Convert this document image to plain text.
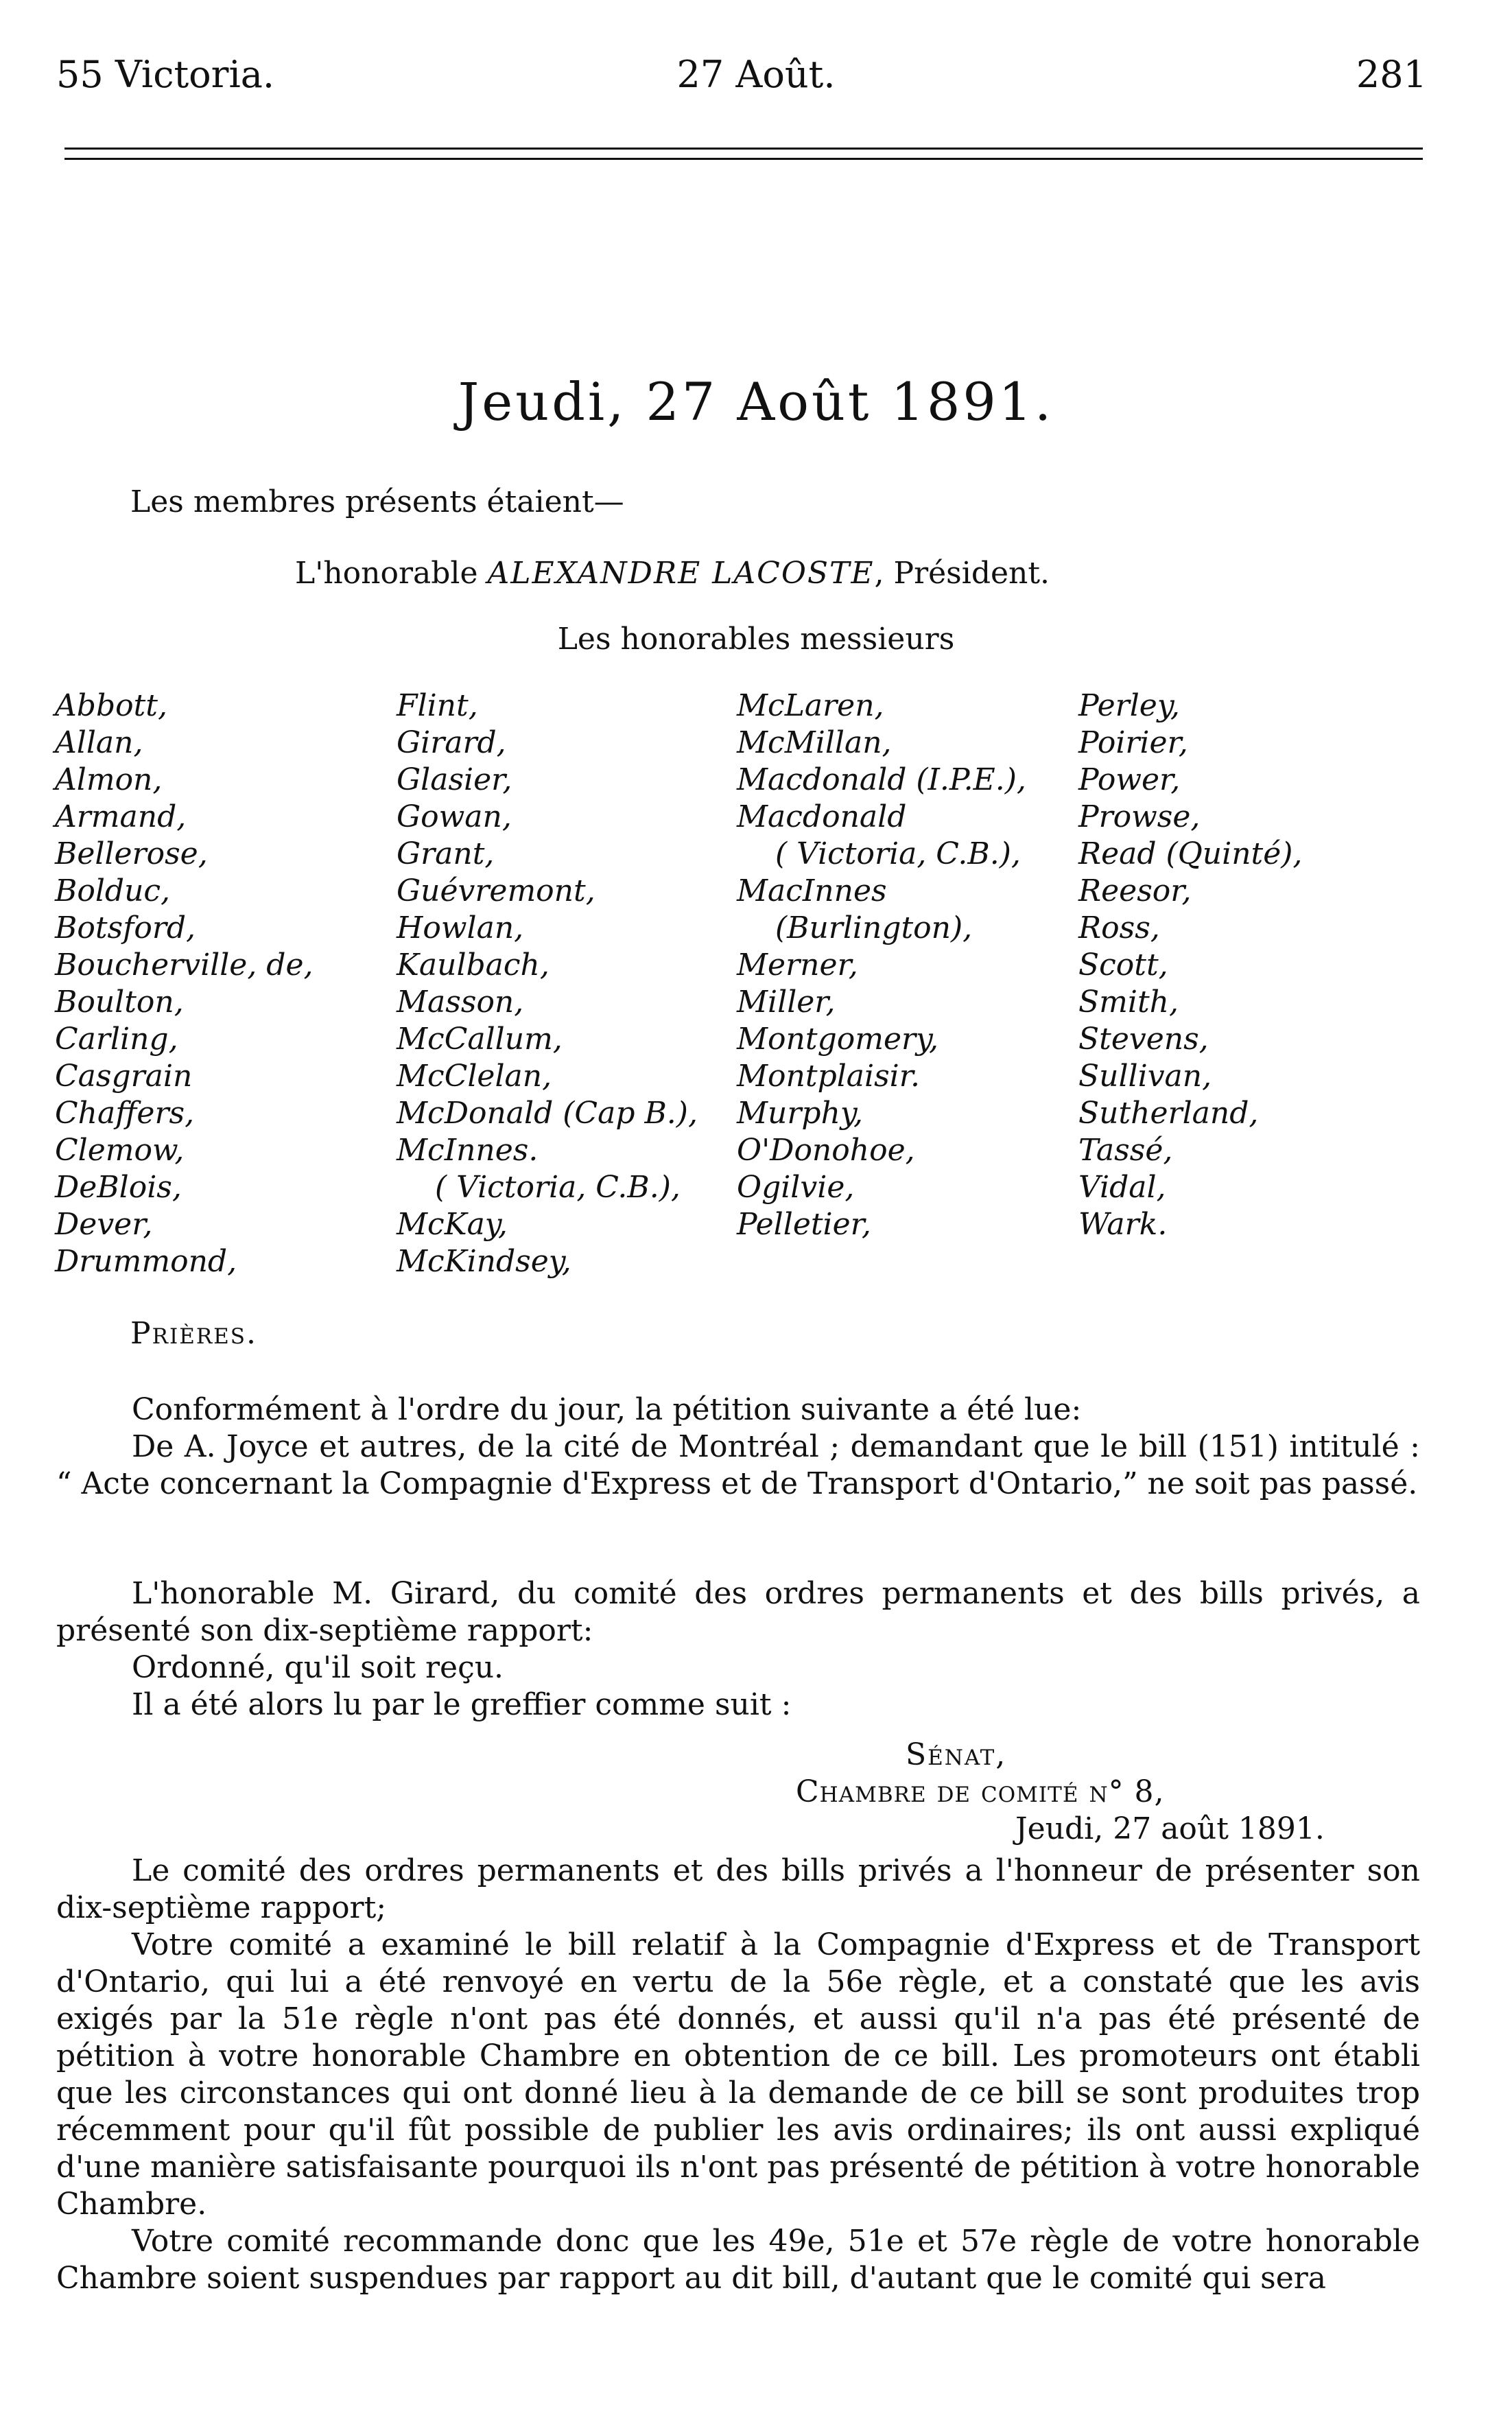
55 Victoria.	27 Août.	281
Jeudi, 27 Août 1891.
Les membres présents étaient—
L'honorable ALEXANDRE LACOSTE, Président.
Les honorables messieurs
Abbott,
Allan,
Almon,
Armand,
Bellerose,
Bolduc,
Botsford,
Boucherville, de,
Boulton,
Carling,
Casgrain
Chaffers,
Clemow,
DeBlois,
Dever,
Drummond,
Flint,
Girard,
Glasier,
Gowan,
Grant,
Guévremont,
Howlan,
Kaulbach,
Masson,
McCallum,
McClelan,
McDonald (Cap B.),
McInnes.
( Victoria, C.B.),
McKay,
McKindsey,
McLaren,
McMillan,
Macdonald (I.P.E.),
Macdonald
( Victoria, C.B.),
MacInnes
(Burlington),
Merner,
Miller,
Montgomery,
Montplaisir.
Murphy,
O'Donohoe,
Ogilvie,
Pelletier,
Perley,
Poirier,
Power,
Prowse,
Read (Quinté),
Reesor,
Ross,
Scott,
Smith,
Stevens,
Sullivan,
Sutherland,
Tassé,
Vidal,
Wark.
Prières.

Conformément à l'ordre du jour, la pétition suivante a été lue:

De A. Joyce et autres, de la cité de Montréal ; demandant que le bill (151) intitulé : “ Acte concernant la Compagnie d'Express et de Transport d'Ontario,” ne soit pas passé.

L'honorable M. Girard, du comité des ordres permanents et des bills privés, a présenté son dix-septième rapport:

Ordonné, qu'il soit reçu.

Il a été alors lu par le greffier comme suit :

Sénat,
Chambre de comité n° 8,
Jeudi, 27 août 1891.

Le comité des ordres permanents et des bills privés a l'honneur de présenter son dix-septième rapport;

Votre comité a examiné le bill relatif à la Compagnie d'Express et de Transport d'Ontario, qui lui a été renvoyé en vertu de la 56e règle, et a constaté que les avis exigés par la 51e règle n'ont pas été donnés, et aussi qu'il n'a pas été présenté de pétition à votre honorable Chambre en obtention de ce bill. Les promoteurs ont établi que les circonstances qui ont donné lieu à la demande de ce bill se sont produites trop récemment pour qu'il fût possible de publier les avis ordinaires; ils ont aussi expliqué d'une manière satisfaisante pourquoi ils n'ont pas présenté de pétition à votre honorable Chambre.

Votre comité recommande donc que les 49e, 51e et 57e règle de votre honorable Chambre soient suspendues par rapport au dit bill, d'autant que le comité qui sera
